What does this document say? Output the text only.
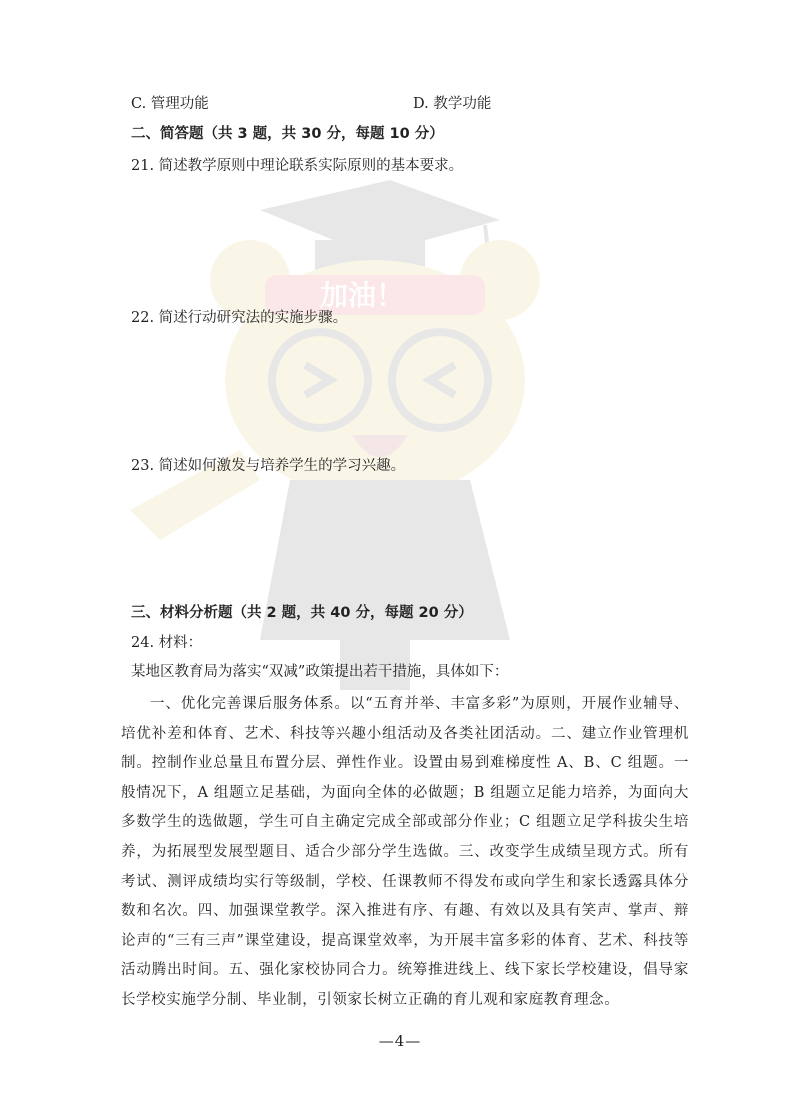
加油！
C. 管理功能	D. 教学功能
二、简答题（共 3 题，共 30 分，每题 10 分）
21. 简述教学原则中理论联系实际原则的基本要求。
22. 简述行动研究法的实施步骤。
23. 简述如何激发与培养学生的学习兴趣。
三、材料分析题（共 2 题，共 40 分，每题 20 分）
24. 材料：
某地区教育局为落实“双减”政策提出若干措施，具体如下：
一、优化完善课后服务体系。以“五育并举、丰富多彩”为原则，开展作业辅导、培优补差和体育、艺术、科技等兴趣小组活动及各类社团活动。二、建立作业管理机制。控制作业总量且布置分层、弹性作业。设置由易到难梯度性 A、B、C 组题。一般情况下，A 组题立足基础，为面向全体的必做题；B 组题立足能力培养，为面向大多数学生的选做题，学生可自主确定完成全部或部分作业；C 组题立足学科拔尖生培养，为拓展型发展型题目、适合少部分学生选做。三、改变学生成绩呈现方式。所有考试、测评成绩均实行等级制，学校、任课教师不得发布或向学生和家长透露具体分数和名次。四、加强课堂教学。深入推进有序、有趣、有效以及具有笑声、掌声、辩论声的“三有三声”课堂建设，提高课堂效率，为开展丰富多彩的体育、艺术、科技等活动腾出时间。五、强化家校协同合力。统筹推进线上、线下家长学校建设，倡导家长学校实施学分制、毕业制，引领家长树立正确的育儿观和家庭教育理念。
—4—
